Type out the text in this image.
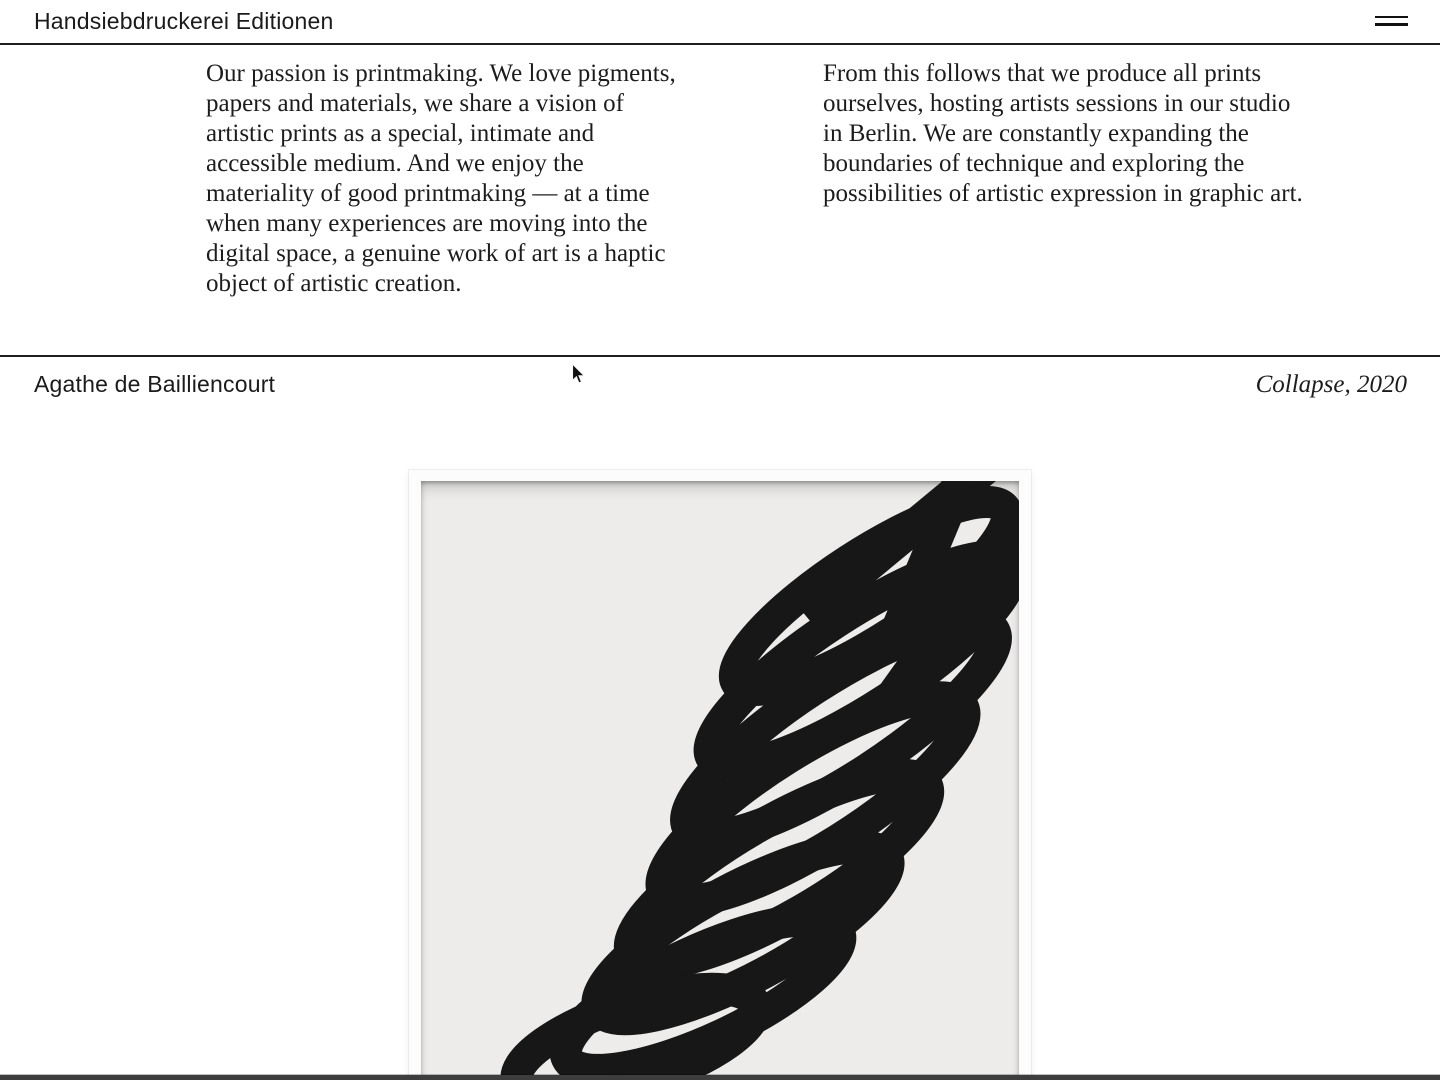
Handsiebdruckerei Editionen
Our passion is printmaking. We love pigments,
papers and materials, we share a vision of
artistic prints as a special, intimate and
accessible medium. And we enjoy the
materiality of good printmaking — at a time
when many experiences are moving into the
digital space, a genuine work of art is a haptic
object of artistic creation.
From this follows that we produce all prints
ourselves, hosting artists sessions in our studio
in Berlin. We are constantly expanding the
boundaries of technique and exploring the
possibilities of artistic expression in graphic art.
Agathe de Bailliencourt	Collapse, 2020
